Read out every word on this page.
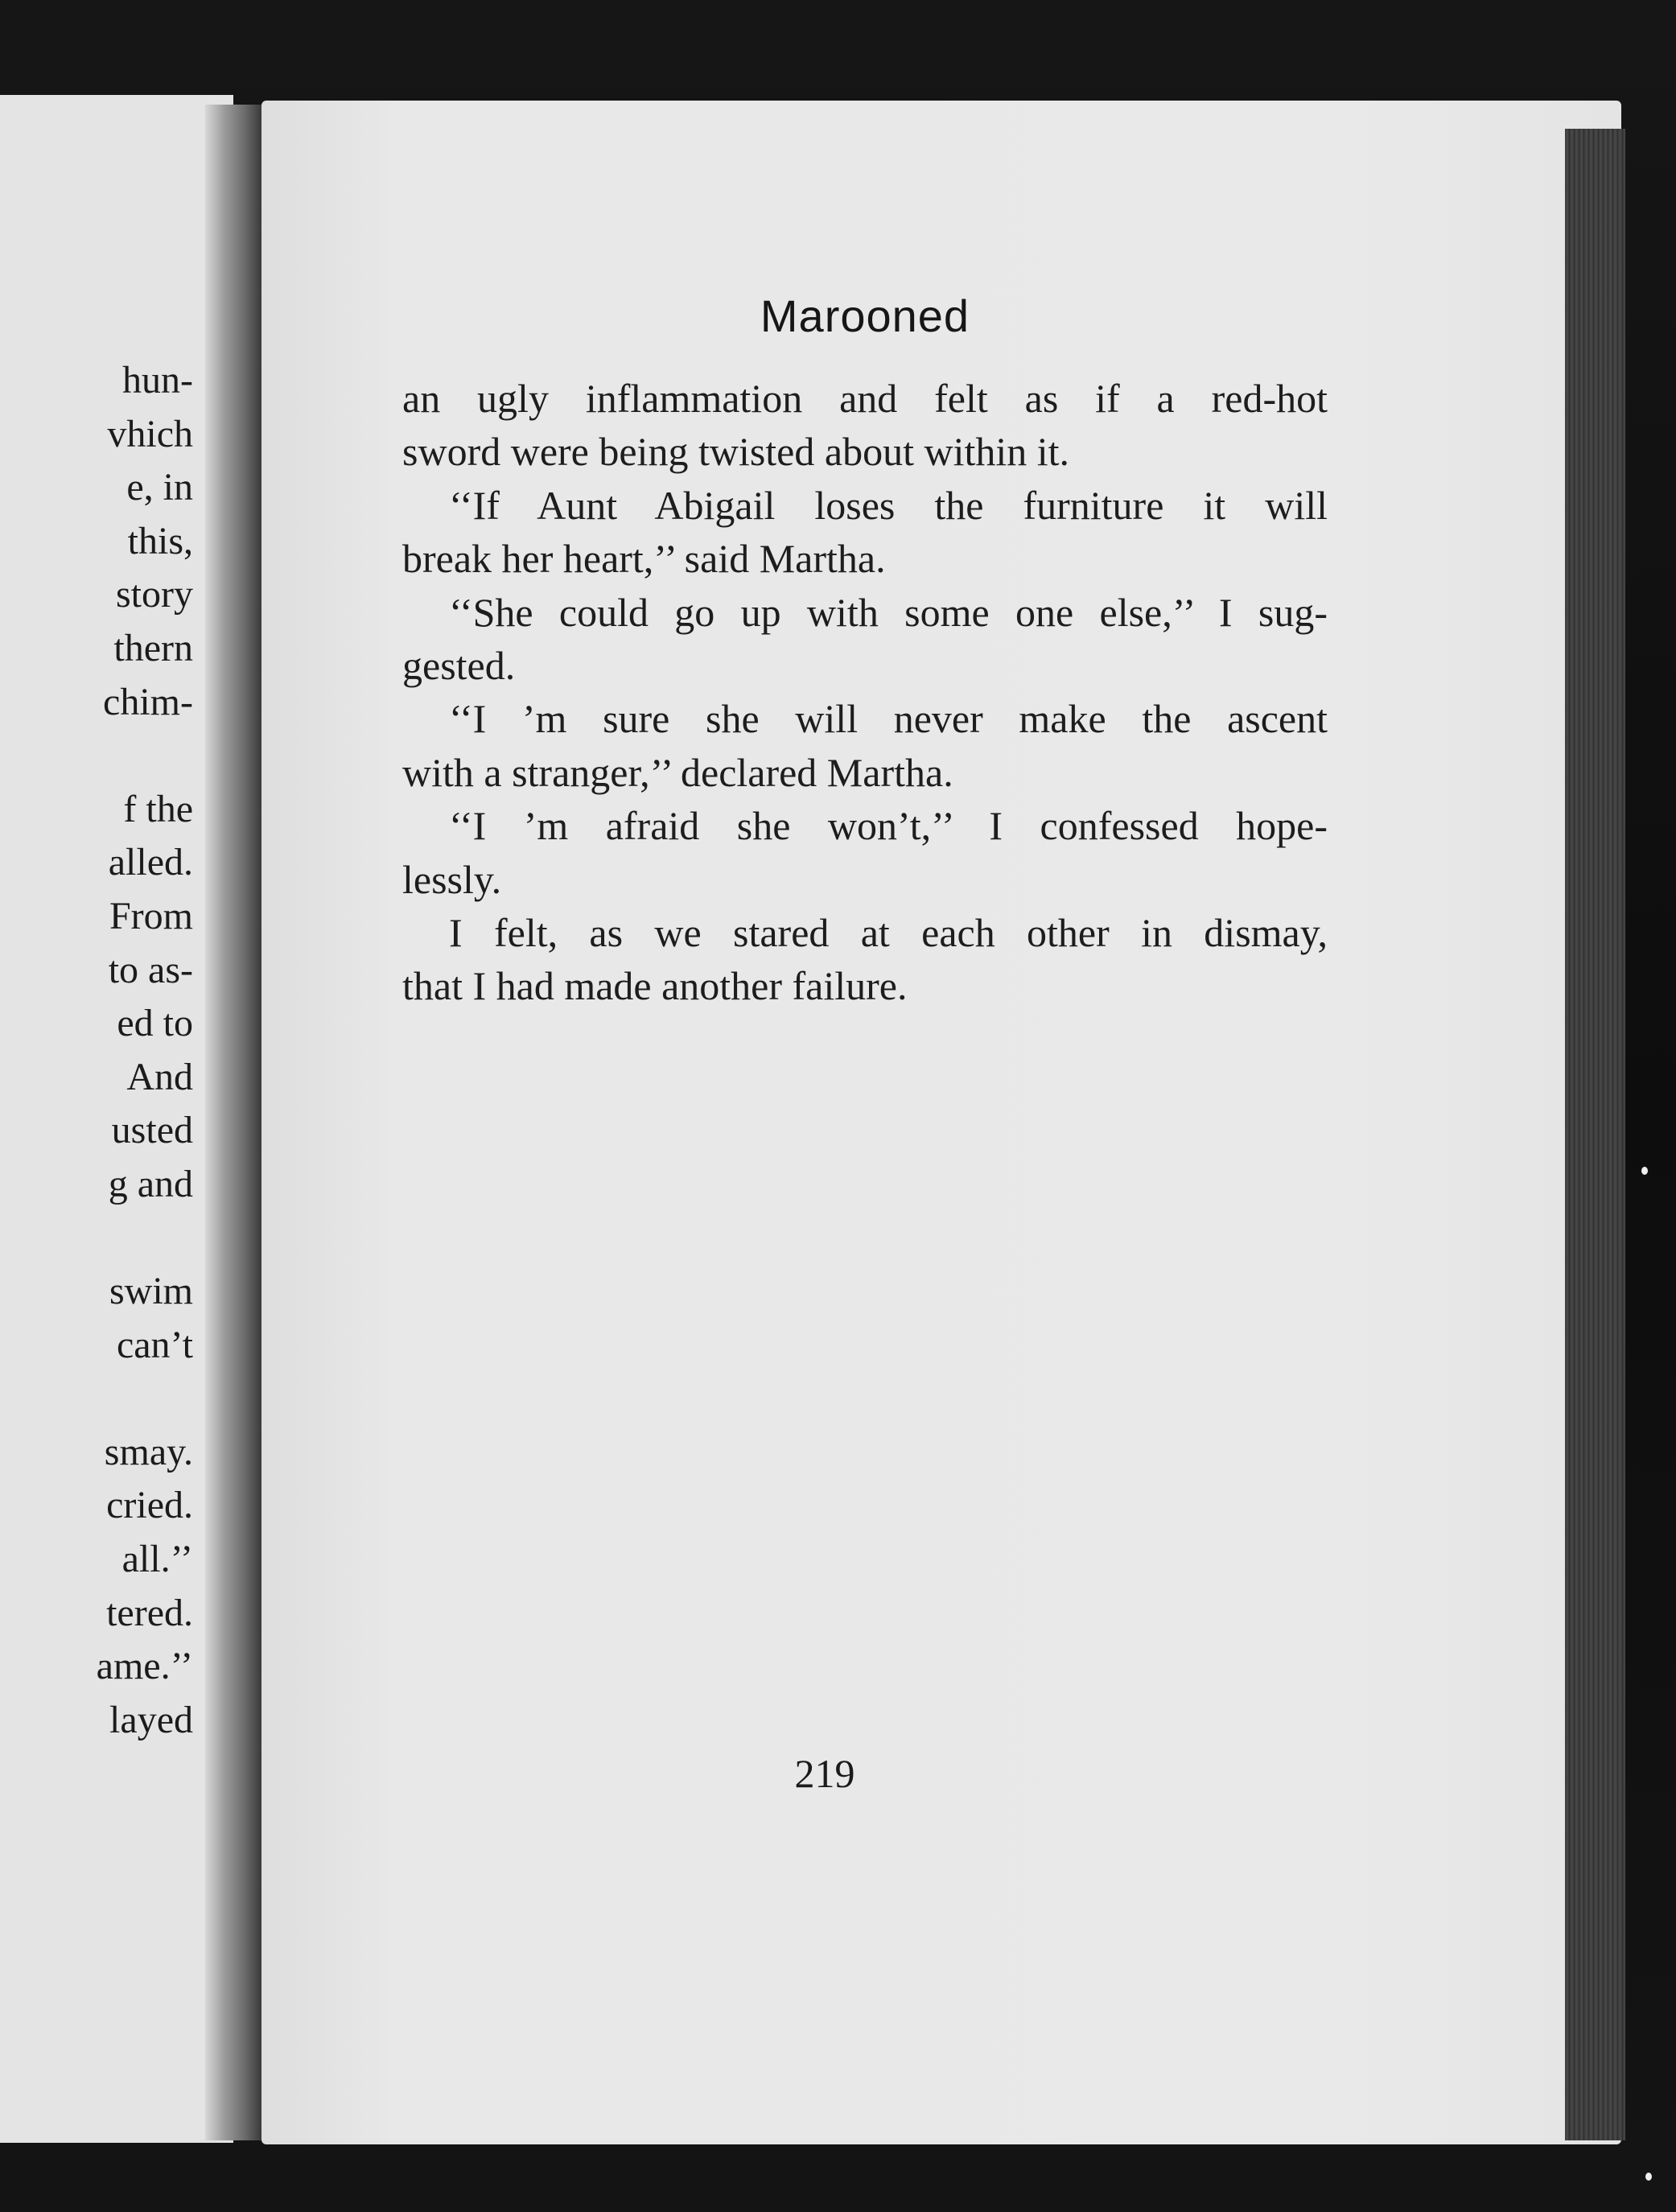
hun-
vhich
e, in
this,
story
thern
chim-
f the
alled.
From
to as-
ed to
And
usted
g and
swim
can’t
smay.
cried.
all.’’
tered.
ame.’’
layed
Marooned
an ugly inflammation and felt as if a red-hot
sword were being twisted about within it.
‘‘If Aunt Abigail loses the furniture it will
break her heart,’’ said Martha.
‘‘She could go up with some one else,’’ I sug-
gested.
‘‘I ’m sure she will never make the ascent
with a stranger,’’ declared Martha.
‘‘I ’m afraid she won’t,’’ I confessed hope-
lessly.
I felt, as we stared at each other in dismay,
that I had made another failure.
219
